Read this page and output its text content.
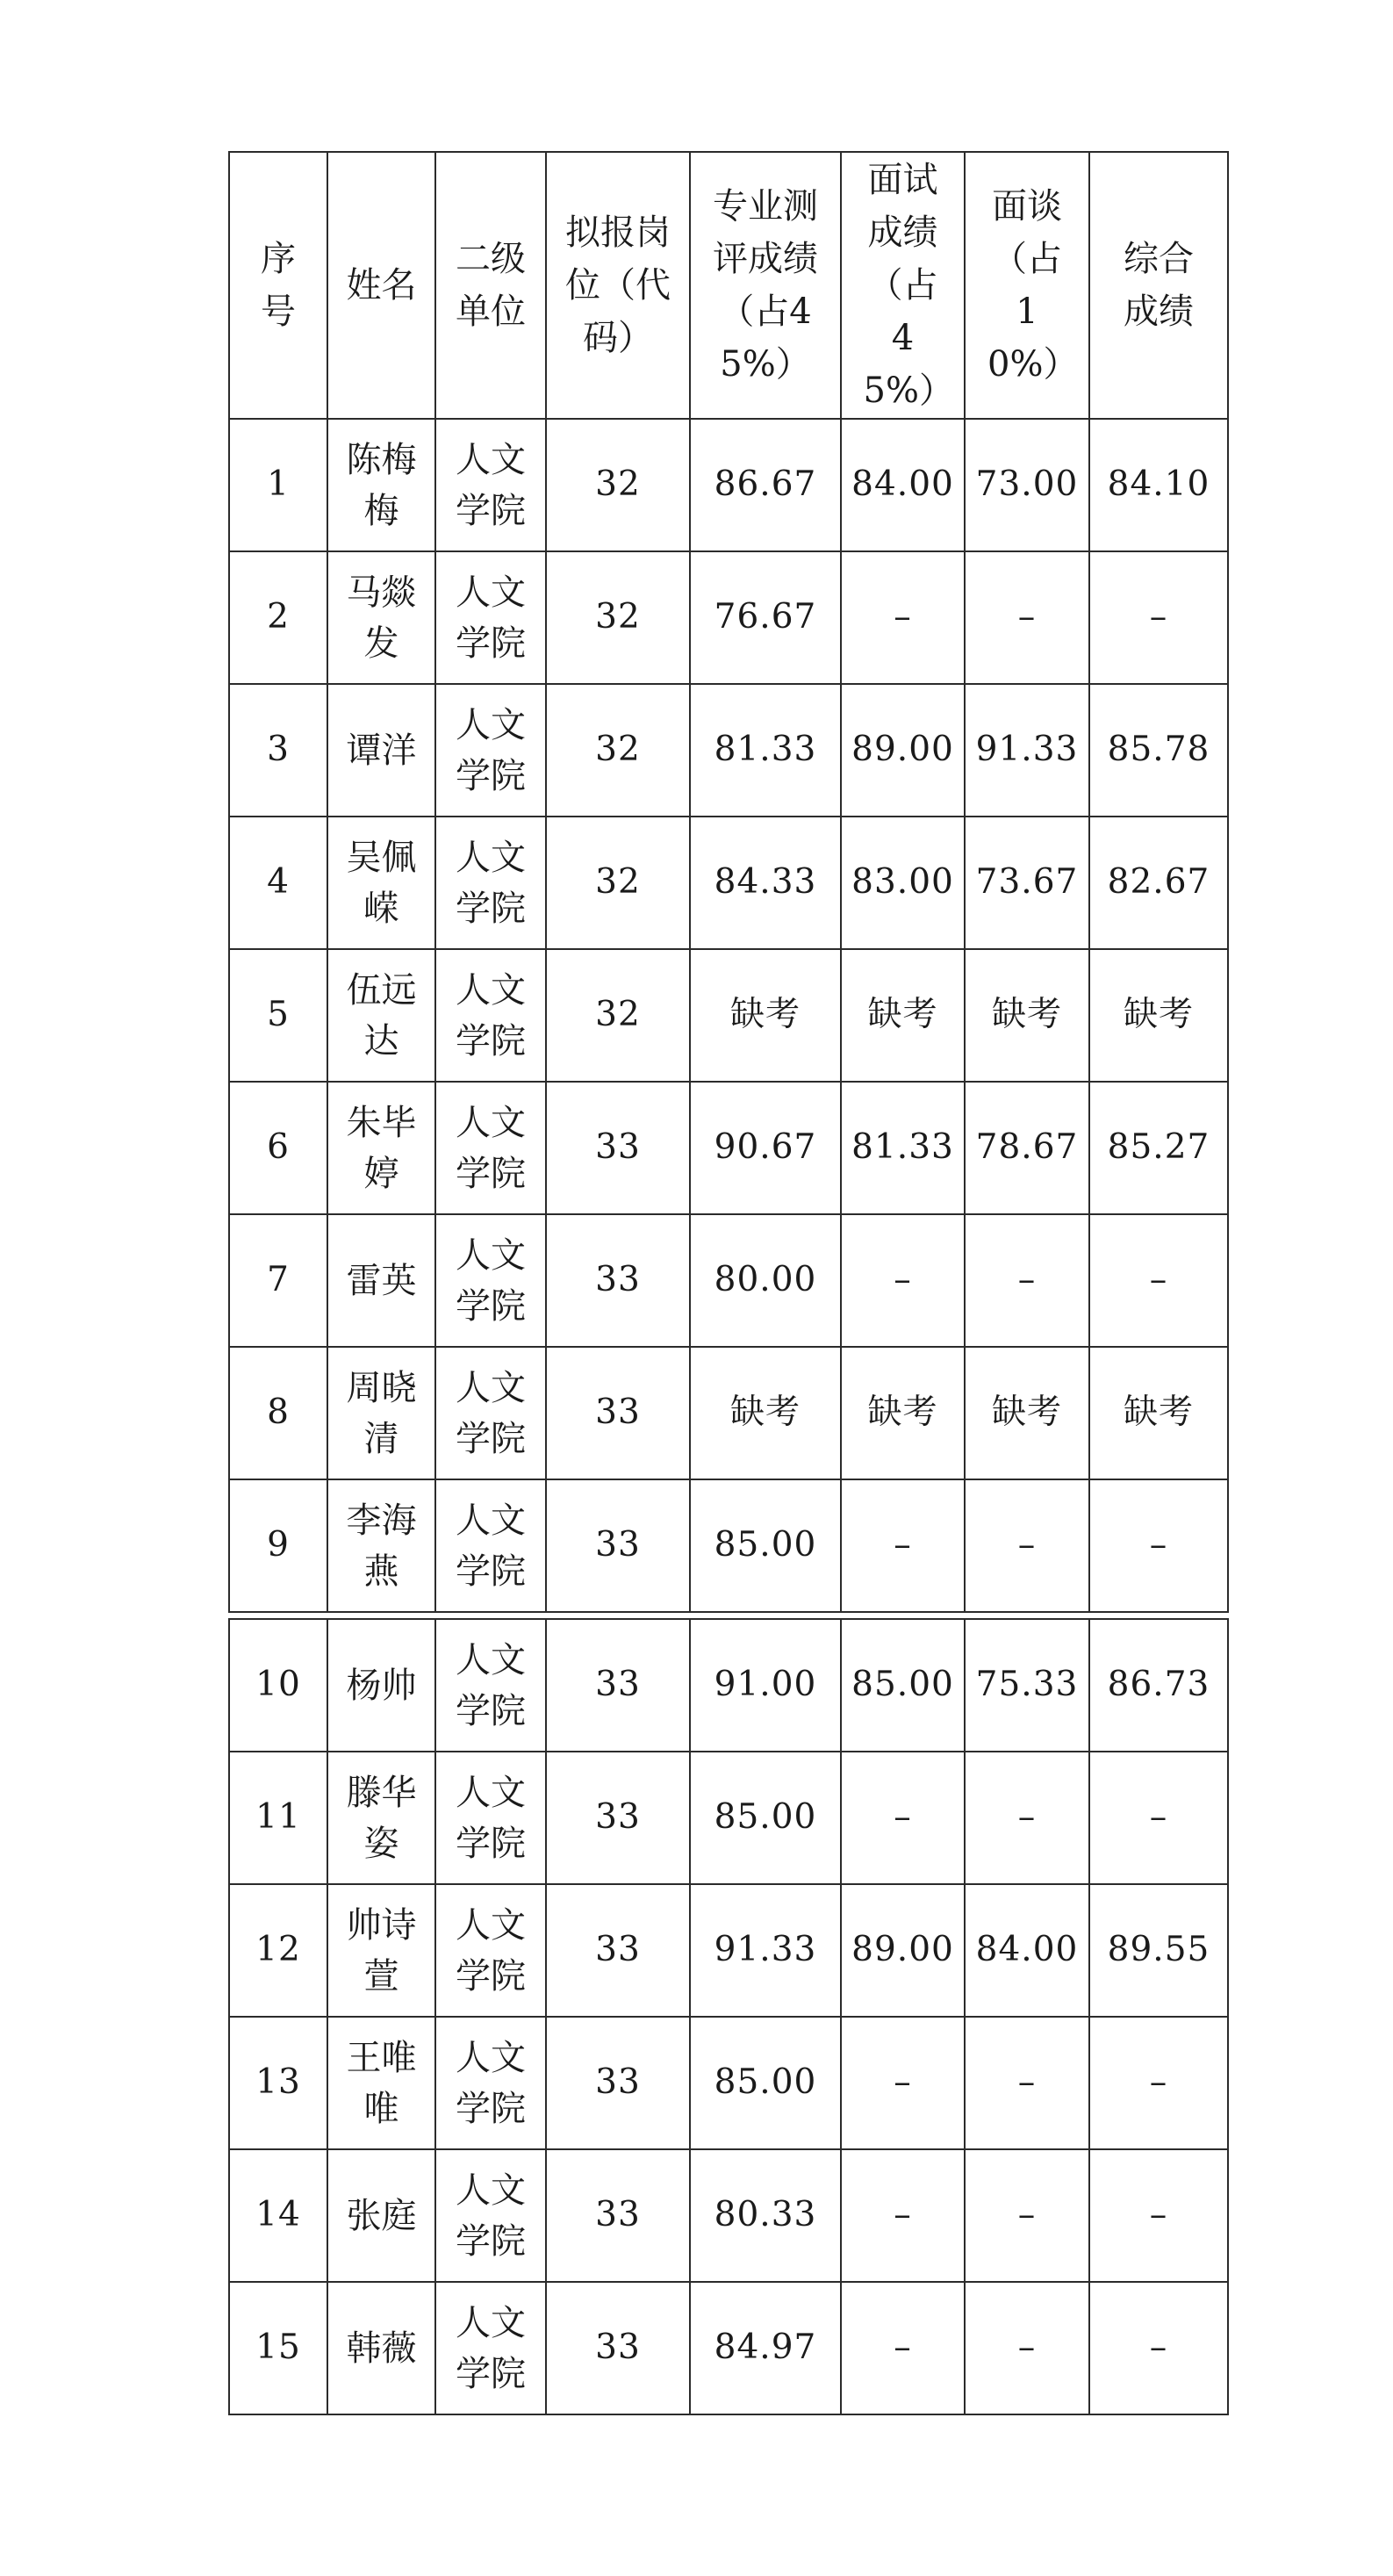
序号	姓名	二级单位	拟报岗位（代码）	专业测评成绩（占45%）	面试成绩（占45%）	面谈（占10%）	综合成绩
1	陈梅梅	人文学院	32	86.67	84.00	73.00	84.10
2	马燚发	人文学院	32	76.67	–	–	–
3	谭洋	人文学院	32	81.33	89.00	91.33	85.78
4	吴佩嵘	人文学院	32	84.33	83.00	73.67	82.67
5	伍远达	人文学院	32	缺考	缺考	缺考	缺考
6	朱毕婷	人文学院	33	90.67	81.33	78.67	85.27
7	雷英	人文学院	33	80.00	–	–	–
8	周晓清	人文学院	33	缺考	缺考	缺考	缺考
9	李海燕	人文学院	33	85.00	–	–	–
10	杨帅	人文学院	33	91.00	85.00	75.33	86.73
11	滕华姿	人文学院	33	85.00	–	–	–
12	帅诗萱	人文学院	33	91.33	89.00	84.00	89.55
13	王唯唯	人文学院	33	85.00	–	–	–
14	张庭	人文学院	33	80.33	–	–	–
15	韩薇	人文学院	33	84.97	–	–	–
